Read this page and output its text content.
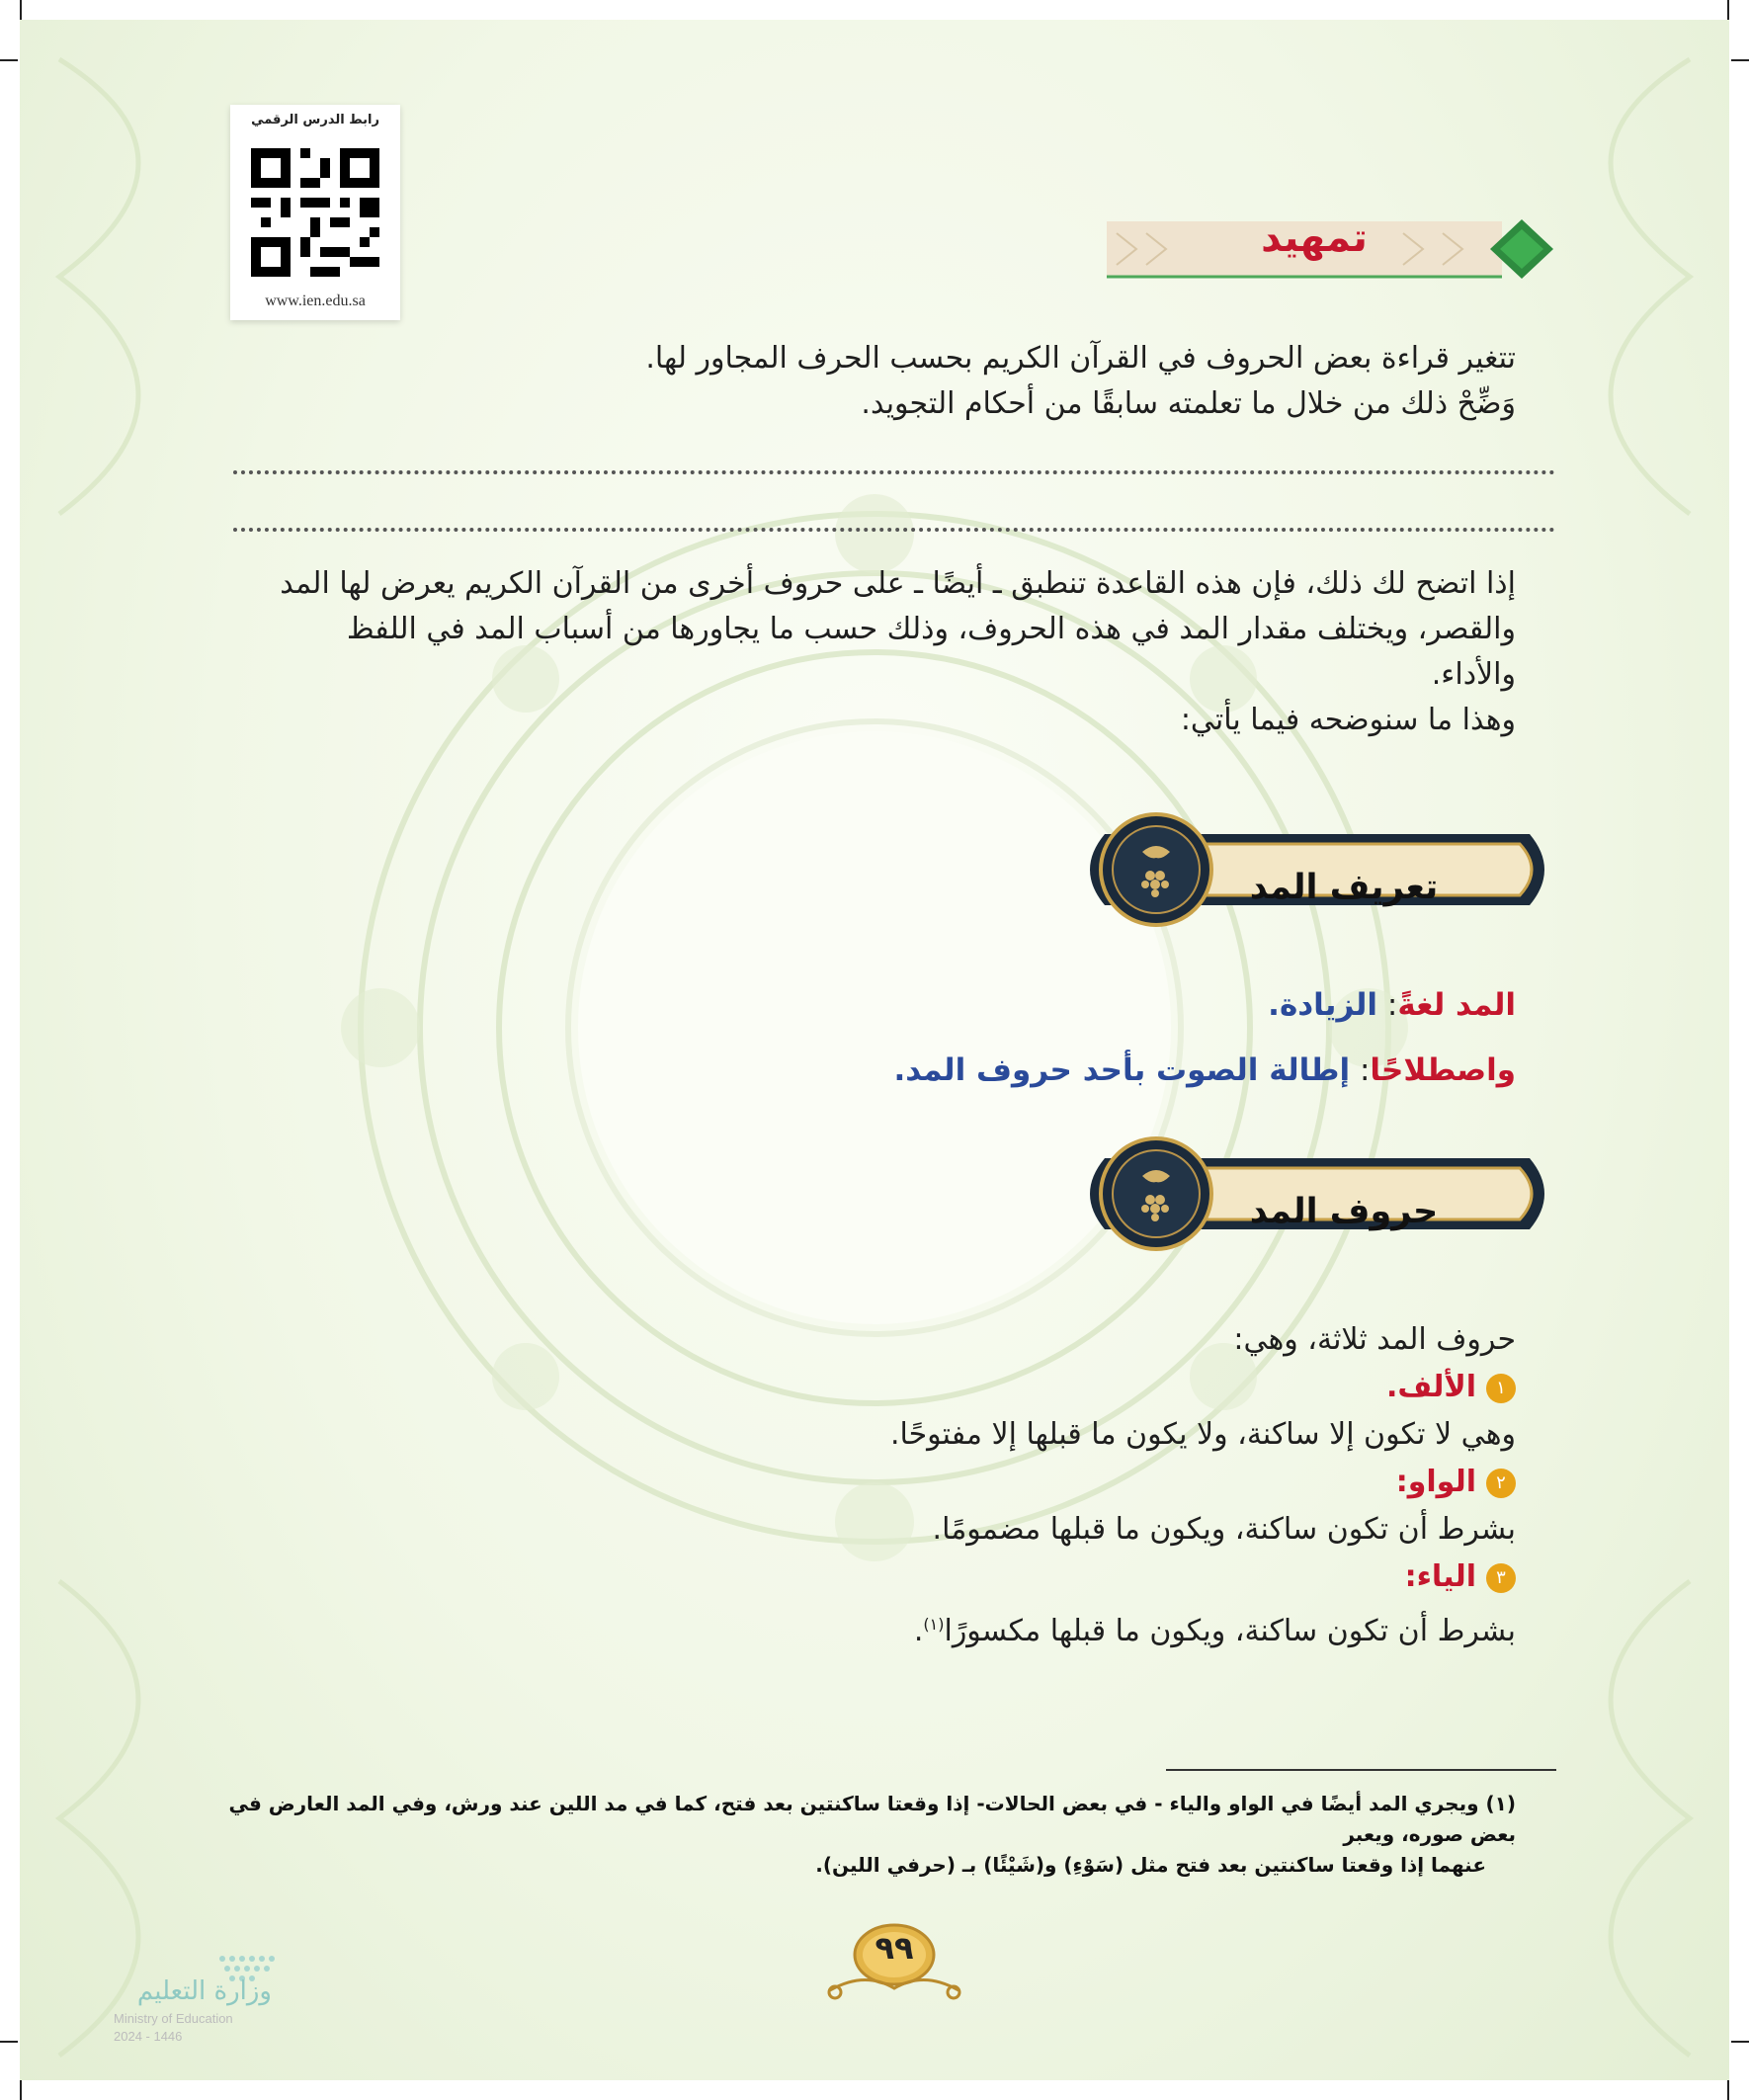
رابط الدرس الرقمي
www.ien.edu.sa
تمهيد
تتغير قراءة بعض الحروف في القرآن الكريم بحسب الحرف المجاور لها.
وَضِّحْ ذلك من خلال ما تعلمته سابقًا من أحكام التجويد.
إذا اتضح لك ذلك، فإن هذه القاعدة تنطبق ـ أيضًا ـ على حروف أخرى من القرآن الكريم يعرض لها المد
والقصر، ويختلف مقدار المد في هذه الحروف، وذلك حسب ما يجاورها من أسباب المد في اللفظ
والأداء.
وهذا ما سنوضحه فيما يأتي:
تعريف المد
المد لغةً: الزيادة.
واصطلاحًا: إطالة الصوت بأحد حروف المد.
حروف المد
حروف المد ثلاثة، وهي:
١الألف.
وهي لا تكون إلا ساكنة، ولا يكون ما قبلها إلا مفتوحًا.
٢الواو:
بشرط أن تكون ساكنة، ويكون ما قبلها مضمومًا.
٣الياء:
بشرط أن تكون ساكنة، ويكون ما قبلها مكسورًا$^{(١)}$.
(١) ويجري المد أيضًا في الواو والياء - في بعض الحالات- إذا وقعتا ساكنتين بعد فتح، كما في مد اللين عند ورش، وفي المد العارض في بعض صوره، ويعبر
عنهما إذا وقعتا ساكنتين بعد فتح مثل (سَوْءِ) و(شَيْئًا) بـ (حرفي اللين).
٩٩
وزارة التعليم
Ministry of Education
2024 - 1446
